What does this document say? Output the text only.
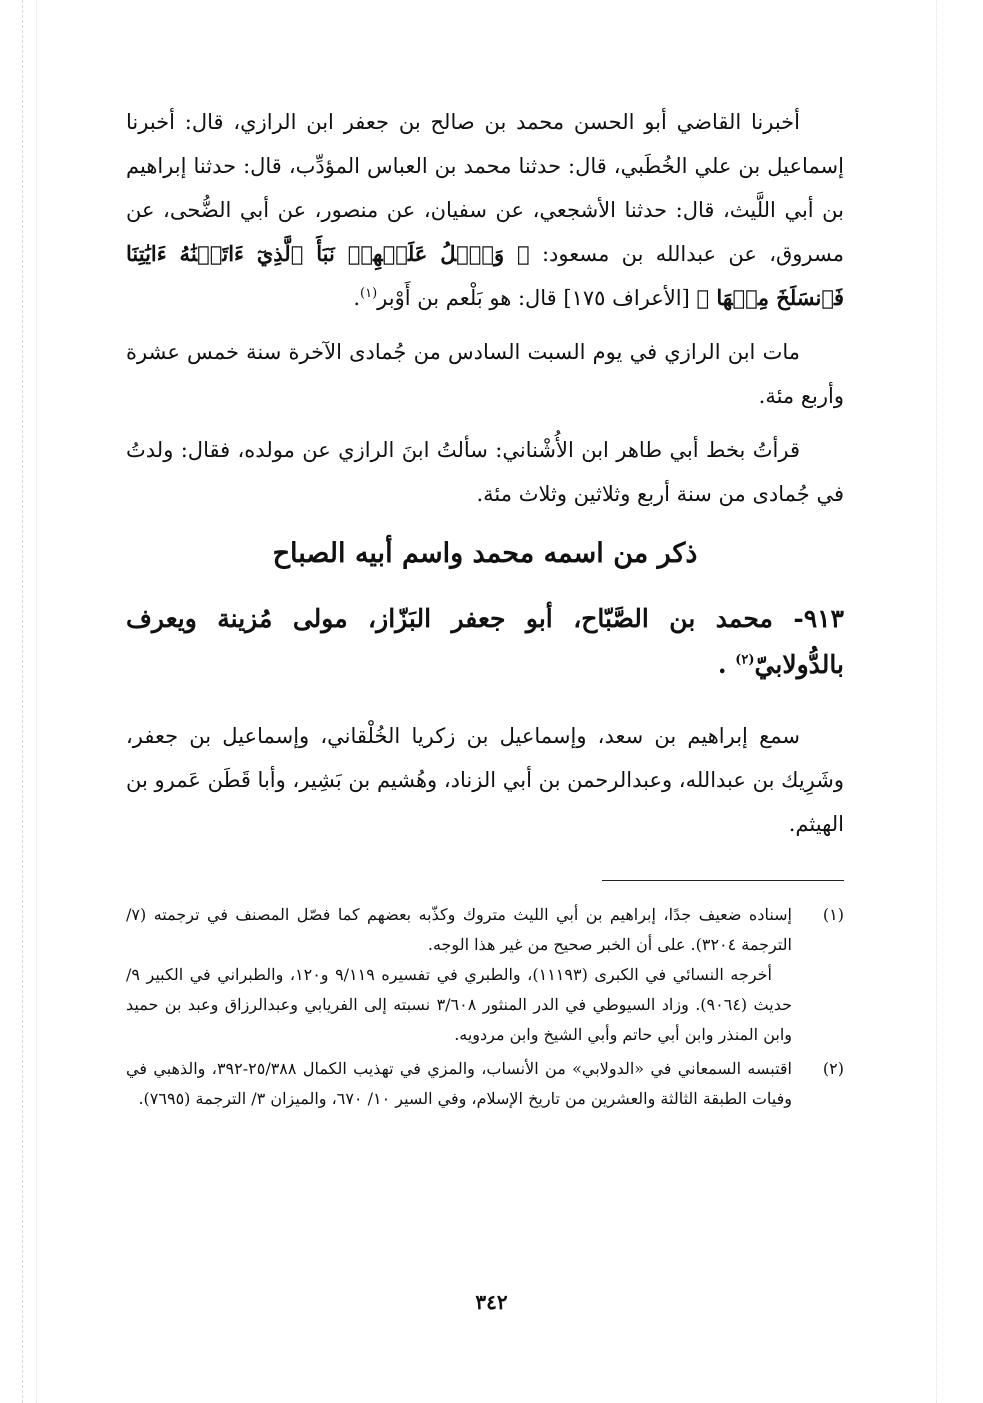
أخبرنا القاضي أبو الحسن محمد بن صالح بن جعفر ابن الرازي، قال: أخبرنا إسماعيل بن علي الخُطَبي، قال: حدثنا محمد بن العباس المؤدِّب، قال: حدثنا إبراهيم بن أبي اللَّيث، قال: حدثنا الأشجعي، عن سفيان، عن منصور، عن أبي الضُّحى، عن مسروق، عن عبدالله بن مسعود: ﴿ وَٱتۡلُ عَلَيۡهِمۡ نَبَأَ ٱلَّذِيٓ ءَاتَيۡنَٰهُ ءَايَٰتِنَا فَٱنسَلَخَ مِنۡهَا ﴾ [الأعراف ١٧٥] قال: هو بَلْعم بن أَوْبر$^{(١)}$.

مات ابن الرازي في يوم السبت السادس من جُمادى الآخرة سنة خمس عشرة وأربع مئة.

قرأتُ بخط أبي طاهر ابن الأُشْناني: سألتُ ابنَ الرازي عن مولده، فقال: ولدتُ في جُمادى من سنة أربع وثلاثين وثلاث مئة.

ذكر من اسمه محمد واسم أبيه الصباح
٩١٣- محمد بن الصَّبّاح، أبو جعفر البَزّاز، مولى مُزينة ويعرف بالدُّولابيّ$^{(٢)}$ .

سمع إبراهيم بن سعد، وإسماعيل بن زكريا الخُلْقاني، وإسماعيل بن جعفر، وشَرِيك بن عبدالله، وعبدالرحمن بن أبي الزناد، وهُشيم بن بَشِير، وأبا قَطَن عَمرو بن الهيثم.

(١)

إسناده ضعيف جدًا، إبراهيم بن أبي الليث متروك وكذّبه بعضهم كما فصّل المصنف في ترجمته (٧/ الترجمة ٣٢٠٤). على أن الخبر صحيح من غير هذا الوجه.

أخرجه النسائي في الكبرى (١١١٩٣)، والطبري في تفسيره ٩/١١٩ و١٢٠، والطبراني في الكبير ٩/ حديث (٩٠٦٤). وزاد السيوطي في الدر المنثور ٣/٦٠٨ نسبته إلى الفريابي وعبدالرزاق وعبد بن حميد وابن المنذر وابن أبي حاتم وأبي الشيخ وابن مردويه.

(٢)

اقتبسه السمعاني في «الدولابي» من الأنساب، والمزي في تهذيب الكمال ٢٥/٣٨٨-٣٩٢، والذهبي في وفيات الطبقة الثالثة والعشرين من تاريخ الإسلام، وفي السير ١٠/ ٦٧٠، والميزان ٣/ الترجمة (٧٦٩٥).

٣٤٢
